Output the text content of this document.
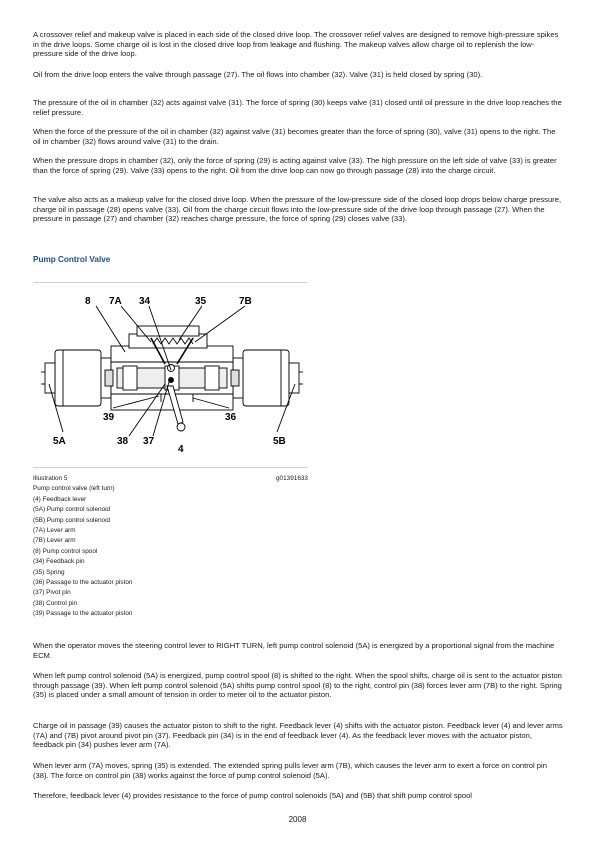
A crossover relief and makeup valve is placed in each side of the closed drive loop. The crossover relief valves are designed to remove high-pressure spikes in the drive loops. Some charge oil is lost in the closed drive loop from leakage and flushing. The makeup valves allow charge oil to replenish the low-pressure side of the drive loop.

Oil from the drive loop enters the valve through passage (27). The oil flows into chamber (32). Valve (31) is held closed by spring (30).

The pressure of the oil in chamber (32) acts against valve (31). The force of spring (30) keeps valve (31) closed until oil pressure in the drive loop reaches the relief pressure.

When the force of the pressure of the oil in chamber (32) against valve (31) becomes greater than the force of spring (30), valve (31) opens to the right. The oil in chamber (32) flows around valve (31) to the drain.

When the pressure drops in chamber (32), only the force of spring (29) is acting against valve (33). The high pressure on the left side of valve (33) is greater than the force of spring (29). Valve (33) opens to the right. Oil from the drive loop can now go through passage (28) into the charge circuit.

The valve also acts as a makeup valve for the closed drive loop. When the pressure of the low-pressure side of the closed loop drops below charge pressure, charge oil in passage (28) opens valve (33). Oil from the charge circuit flows into the low-pressure side of the drive loop through passage (27). When the pressure in passage (27) and chamber (32) reaches charge pressure, the force of spring (29) closes valve (33).

Pump Control Valve

8 7A 34	35	7B
39	36
5A	38 37
4
5B
Illustration 5	g01391633
Pump control valve (left turn)
(4) Feedback lever
(5A) Pump control solenoid
(5B) Pump control solenoid
(7A) Lever arm
(7B) Lever arm
(8) Pump control spool
(34) Feedback pin
(35) Spring
(36) Passage to the actuator piston
(37) Pivot pin
(38) Control pin
(39) Passage to the actuator piston

When the operator moves the steering control lever to RIGHT TURN, left pump control solenoid (5A) is energized by a proportional signal from the machine ECM.

When left pump control solenoid (5A) is energized, pump control spool (8) is shifted to the right. When the spool shifts, charge oil is sent to the actuator piston through passage (39). When left pump control solenoid (5A) shifts pump control spool (8) to the right, control pin (38) forces lever arm (7B) to the right. Spring (35) is placed under a small amount of tension in order to meter oil to the actuator piston.

Charge oil in passage (39) causes the actuator piston to shift to the right. Feedback lever (4) shifts with the actuator piston. Feedback lever (4) and lever arms (7A) and (7B) pivot around pivot pin (37). Feedback pin (34) is in the end of feedback lever (4). As the feedback lever moves with the actuator piston, feedback pin (34) pushes lever arm (7A).

When lever arm (7A) moves, spring (35) is extended. The extended spring pulls lever arm (7B), which causes the lever arm to exert a force on control pin (38). The force on control pin (38) works against the force of pump control solenoid (5A).

Therefore, feedback lever (4) provides resistance to the force of pump control solenoids (5A) and (5B) that shift pump control spool

2008
